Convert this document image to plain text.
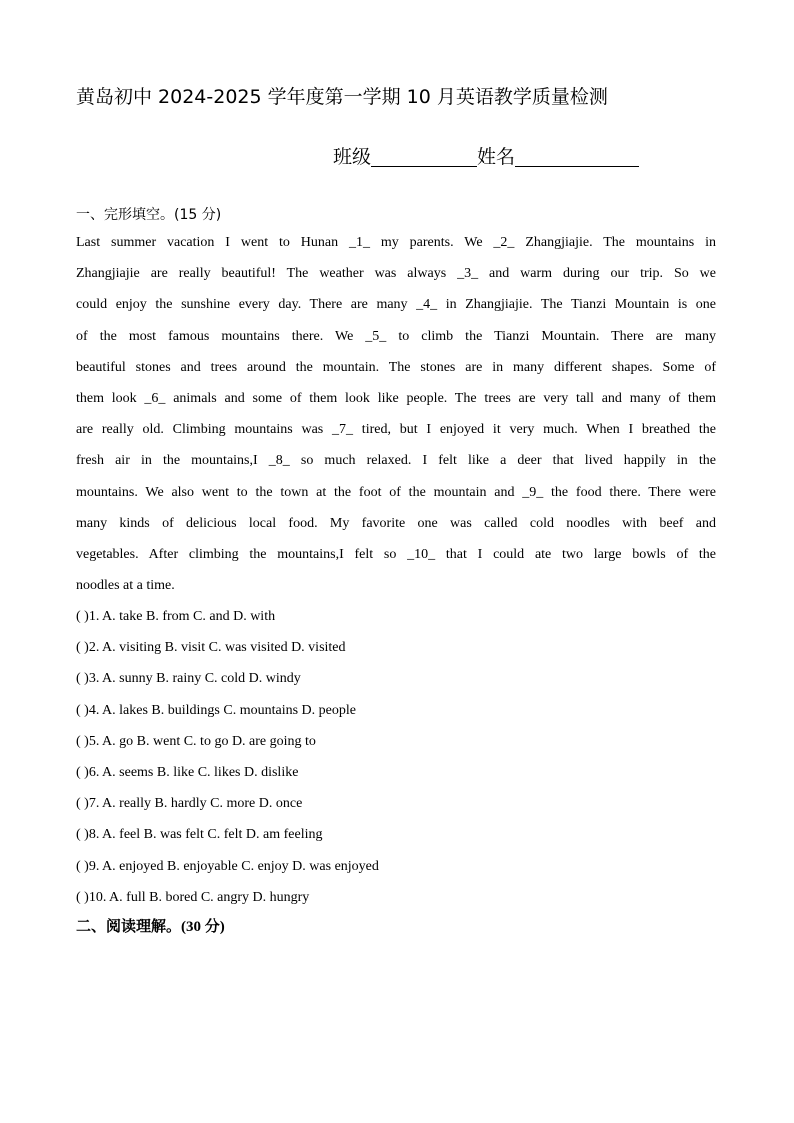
黄岛初中 2024-2025 学年度第一学期 10 月英语教学质量检测
班级	姓名
一、完形填空。(15 分)
Last summer vacation I went to Hunan _1_ my parents. We _2_ Zhangjiajie. The mountains in
Zhangjiajie are really beautiful! The weather was always _3_ and warm during our trip. So we
could enjoy the sunshine every day. There are many _4_ in Zhangjiajie. The Tianzi Mountain is one
of the most famous mountains there. We _5_ to climb the Tianzi Mountain. There are many
beautiful stones and trees around the mountain. The stones are in many different shapes. Some of
them look _6_ animals and some of them look like people. The trees are very tall and many of them
are really old. Climbing mountains was _7_ tired, but I enjoyed it very much. When I breathed the
fresh air in the mountains,I _8_ so much relaxed. I felt like a deer that lived happily in the
mountains. We also went to the town at the foot of the mountain and _9_ the food there. There were
many kinds of delicious local food. My favorite one was called cold noodles with beef and
vegetables. After climbing the mountains,I felt so _10_ that I could ate two large bowls of the
noodles at a time.
( )1. A. take B. from C. and D. with
( )2. A. visiting B. visit C. was visited D. visited
( )3. A. sunny B. rainy C. cold D. windy
( )4. A. lakes B. buildings C. mountains D. people
( )5. A. go B. went C. to go D. are going to
( )6. A. seems B. like C. likes D. dislike
( )7. A. really B. hardly C. more D. once
( )8. A. feel B. was felt C. felt D. am feeling
( )9. A. enjoyed B. enjoyable C. enjoy D. was enjoyed
( )10. A. full B. bored C. angry D. hungry
二、阅读理解。(30 分)
